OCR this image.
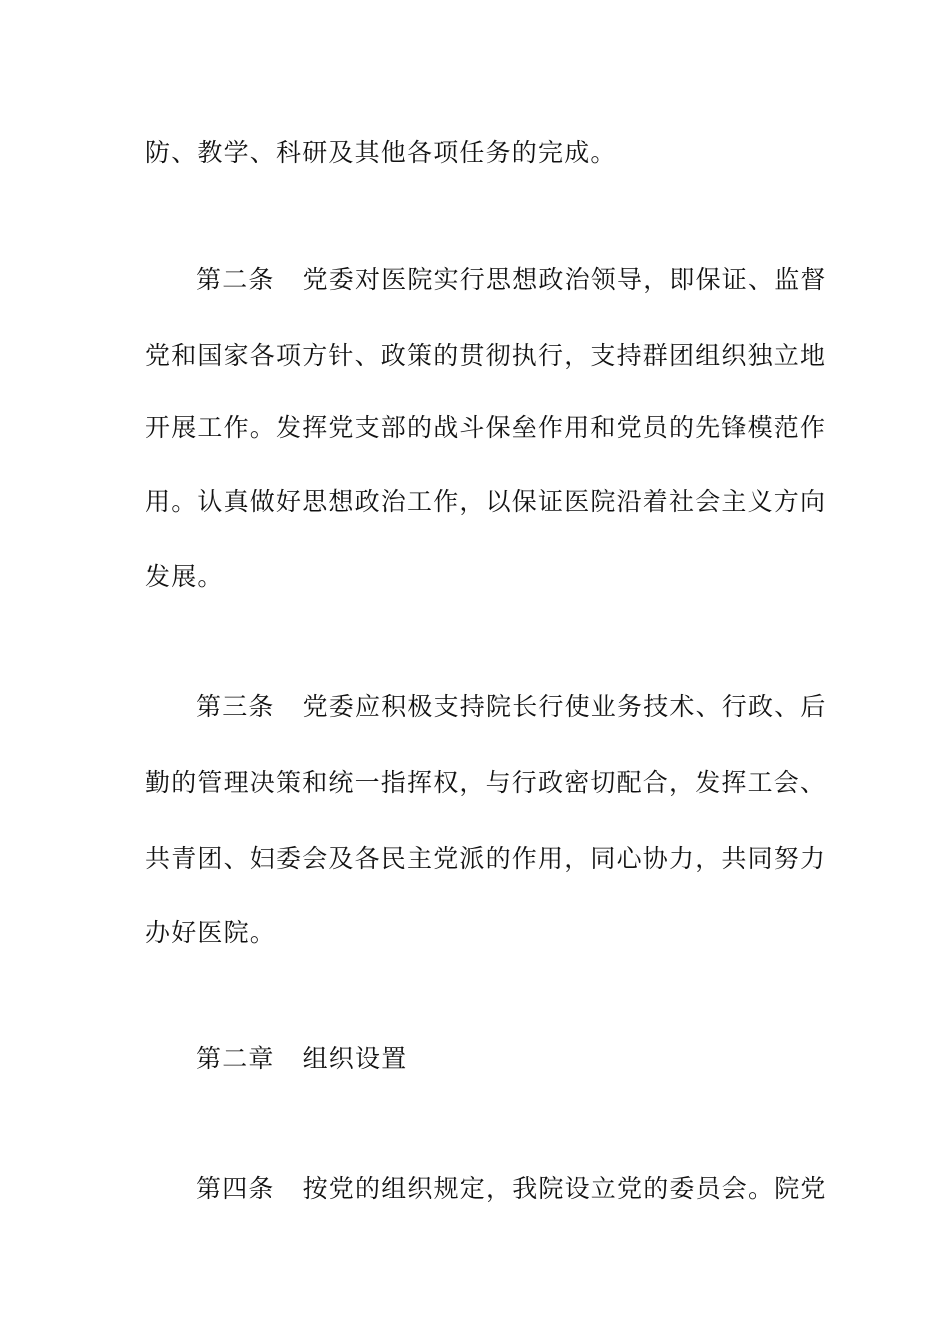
防、教学、科研及其他各项任务的完成。
第二条 党委对医院实行思想政治领导，即保证、监督
党和国家各项方针、政策的贯彻执行，支持群团组织独立地
开展工作。发挥党支部的战斗保垒作用和党员的先锋模范作
用。认真做好思想政治工作，以保证医院沿着社会主义方向
发展。
第三条 党委应积极支持院长行使业务技术、行政、后
勤的管理决策和统一指挥权，与行政密切配合，发挥工会、
共青团、妇委会及各民主党派的作用，同心协力，共同努力
办好医院。
第二章 组织设置
第四条 按党的组织规定，我院设立党的委员会。院党
